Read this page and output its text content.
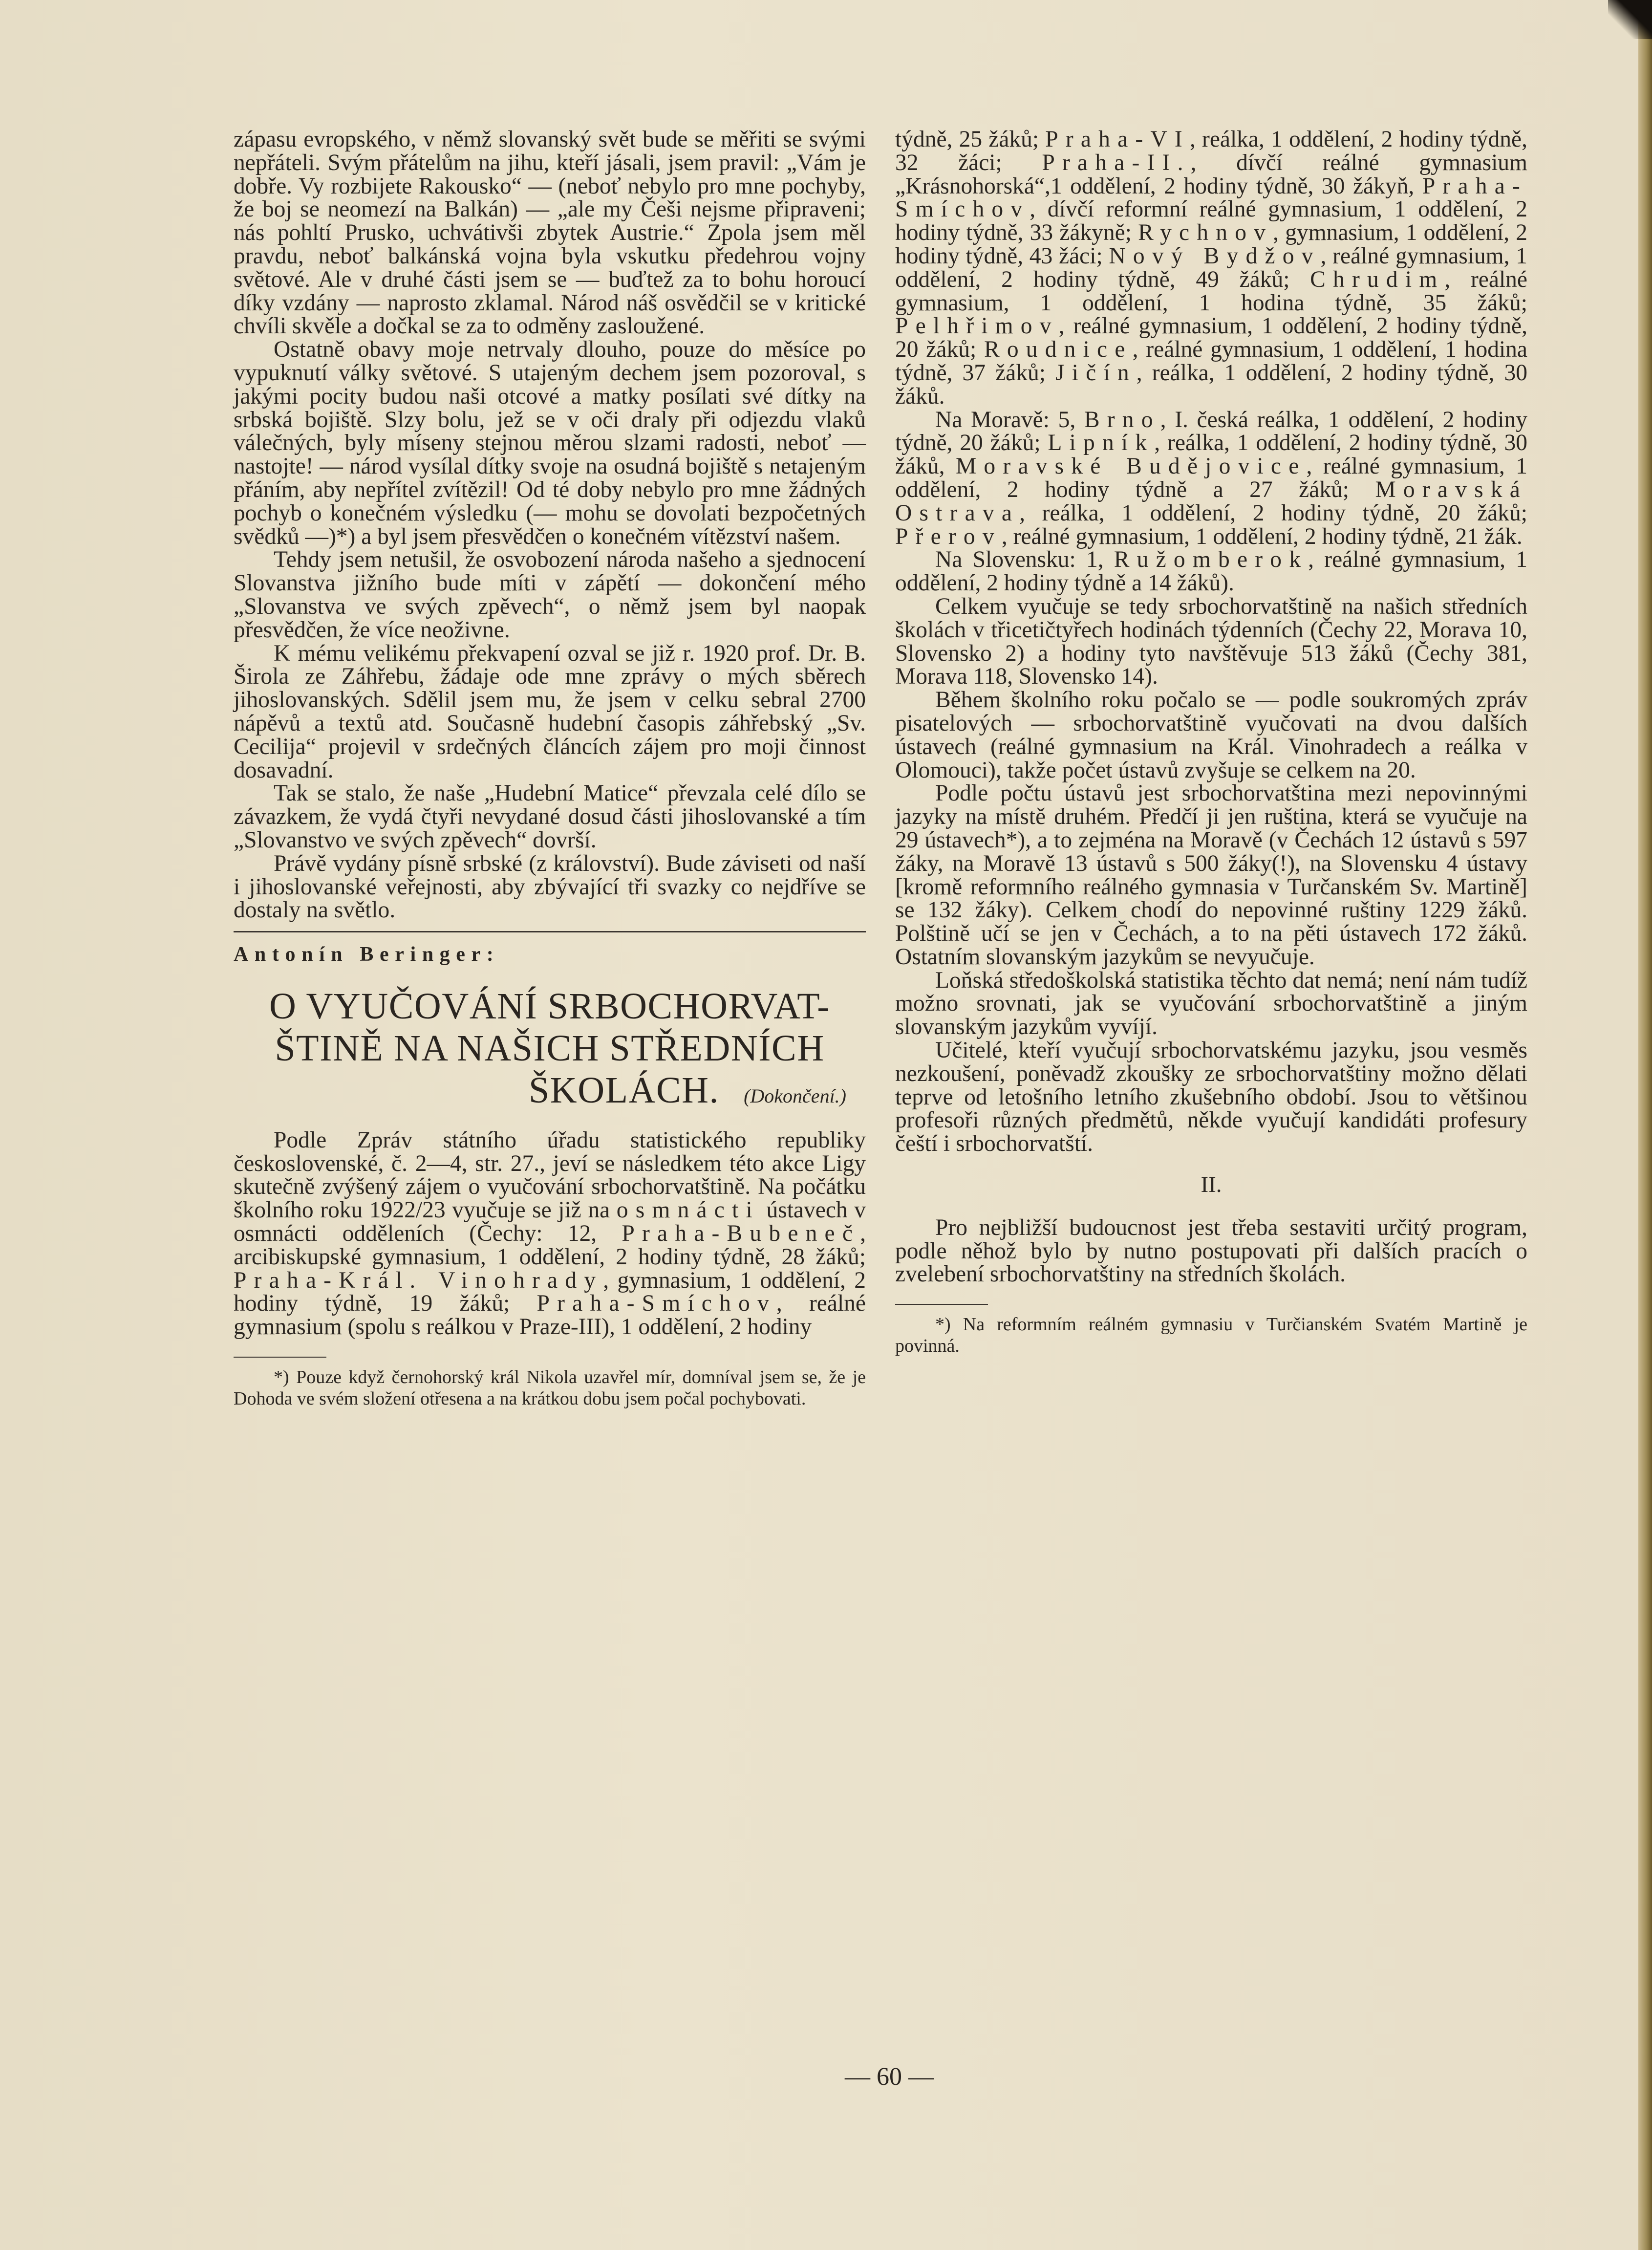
zápasu evropského, v němž slovanský svět bude se měřiti se svými nepřáteli. Svým přátelům na jihu, kteří jásali, jsem pravil: „Vám je dobře. Vy rozbijete Rakousko“ — (neboť nebylo pro mne pochyby, že boj se neomezí na Balkán) — „ale my Češi nejsme připraveni; nás pohltí Prusko, uchvátivši zbytek Austrie.“ Zpola jsem měl pravdu, neboť balkánská vojna byla vskutku předehrou vojny světové. Ale v druhé části jsem se — buďtež za to bohu horoucí díky vzdány — naprosto zklamal. Národ náš osvědčil se v kritické chvíli skvěle a dočkal se za to odměny zasloužené.

Ostatně obavy moje netrvaly dlouho, pouze do měsíce po vypuknutí války světové. S utajeným dechem jsem pozoroval, s jakými pocity budou naši otcové a matky posílati své dítky na srbská bojiště. Slzy bolu, jež se v oči draly při odjezdu vlaků válečných, byly míseny stejnou měrou slzami radosti, neboť — nastojte! — národ vysílal dítky svoje na osudná bojiště s netajeným přáním, aby nepřítel zvítězil! Od té doby nebylo pro mne žádných pochyb o konečném výsledku (— mohu se dovolati bezpočetných svědků —)*) a byl jsem přesvědčen o konečném vítězství našem.

Tehdy jsem netušil, že osvobození národa našeho a sjednocení Slovanstva jižního bude míti v zápětí — dokončení mého „Slovanstva ve svých zpěvech“, o němž jsem byl naopak přesvědčen, že více neoživne.

K mému velikému překvapení ozval se již r. 1920 prof. Dr. B. Širola ze Záhřebu, žádaje ode mne zprávy o mých sběrech jihoslovanských. Sdělil jsem mu, že jsem v celku sebral 2700 nápěvů a textů atd. Současně hudební časopis záhřebský „Sv. Cecilija“ projevil v srdečných článcích zájem pro moji činnost dosavadní.

Tak se stalo, že naše „Hudební Matice“ převzala celé dílo se závazkem, že vydá čtyři nevydané dosud části jihoslovanské a tím „Slovanstvo ve svých zpěvech“ dovrší.

Právě vydány písně srbské (z království). Bude záviseti od naší i jihoslovanské veřejnosti, aby zbývající tři svazky co nejdříve se dostaly na světlo.

Antonín Beringer:
O VYUČOVÁNÍ SRBOCHORVAT-
ŠTINĚ NA NAŠICH STŘEDNÍCH
ŠKOLÁCH. (Dokončení.)

Podle Zpráv státního úřadu statistického republiky československé, č. 2—4, str. 27., jeví se následkem této akce Ligy skutečně zvýšený zájem o vyučování srbochorvatštině. Na počátku školního roku 1922/23 vyučuje se již na osmnácti ústavech v osmnácti odděleních (Čechy: 12, Praha-Bubeneč, arcibiskupské gymnasium, 1 oddělení, 2 hodiny týdně, 28 žáků; Praha-Král. Vinohrady, gymnasium, 1 oddělení, 2 hodiny týdně, 19 žáků; Praha-Smíchov, reálné gymnasium (spolu s reálkou v Praze-III), 1 oddělení, 2 hodiny

*) Pouze když černohorský král Nikola uzavřel mír, domníval jsem se, že je Dohoda ve svém složení otřesena a na krátkou dobu jsem počal pochybovati.

týdně, 25 žáků; Praha-VI, reálka, 1 oddělení, 2 hodiny týdně, 32 žáci; Praha-II., dívčí reálné gymnasium „Krásnohorská“,1 oddělení, 2 hodiny týdně, 30 žákyň, Praha-Smíchov, dívčí reformní reálné gymnasium, 1 oddělení, 2 hodiny týdně, 33 žákyně; Rychnov, gymnasium, 1 oddělení, 2 hodiny týdně, 43 žáci; Nový Bydžov, reálné gymnasium, 1 oddělení, 2 hodiny týdně, 49 žáků; Chrudim, reálné gymnasium, 1 oddělení, 1 hodina týdně, 35 žáků; Pelhřimov, reálné gymnasium, 1 oddělení, 2 hodiny týdně, 20 žáků; Roudnice, reálné gymnasium, 1 oddělení, 1 hodina týdně, 37 žáků; Jičín, reálka, 1 oddělení, 2 hodiny týdně, 30 žáků.

Na Moravě: 5, Brno, I. česká reálka, 1 oddělení, 2 hodiny týdně, 20 žáků; Lipník, reálka, 1 oddělení, 2 hodiny týdně, 30 žáků, Moravské Budějovice, reálné gymnasium, 1 oddělení, 2 hodiny týdně a 27 žáků; Moravská Ostrava, reálka, 1 oddělení, 2 hodiny týdně, 20 žáků; Přerov, reálné gymnasium, 1 oddělení, 2 hodiny týdně, 21 žák.

Na Slovensku: 1, Ružomberok, reálné gymnasium, 1 oddělení, 2 hodiny týdně a 14 žáků).

Celkem vyučuje se tedy srbochorvatštině na našich středních školách v třicetičtyřech hodinách týdenních (Čechy 22, Morava 10, Slovensko 2) a hodiny tyto navštěvuje 513 žáků (Čechy 381, Morava 118, Slovensko 14).

Během školního roku počalo se — podle soukromých zpráv pisatelových — srbochorvatštině vyučovati na dvou dalších ústavech (reálné gymnasium na Král. Vinohradech a reálka v Olomouci), takže počet ústavů zvyšuje se celkem na 20.

Podle počtu ústavů jest srbochorvatština mezi nepovinnými jazyky na místě druhém. Předčí ji jen ruština, která se vyučuje na 29 ústavech*), a to zejména na Moravě (v Čechách 12 ústavů s 597 žáky, na Moravě 13 ústavů s 500 žáky(!), na Slovensku 4 ústavy [kromě reformního reálného gymnasia v Turčanském Sv. Martině] se 132 žáky). Celkem chodí do nepovinné ruštiny 1229 žáků. Polštině učí se jen v Čechách, a to na pěti ústavech 172 žáků. Ostatním slovanským jazykům se nevyučuje.

Loňská středoškolská statistika těchto dat nemá; není nám tudíž možno srovnati, jak se vyučování srbochorvatštině a jiným slovanským jazykům vyvíjí.

Učitelé, kteří vyučují srbochorvatskému jazyku, jsou vesměs nezkoušení, poněvadž zkoušky ze srbochorvatštiny možno dělati teprve od letošního letního zkušebního období. Jsou to většinou profesoři různých předmětů, někde vyučují kandidáti profesury čeští i srbochorvatští.

II.

Pro nejbližší budoucnost jest třeba sestaviti určitý program, podle něhož bylo by nutno postupovati při dalších pracích o zvelebení srbochorvatštiny na středních školách.

*) Na reformním reálném gymnasiu v Turčianském Svatém Martině je povinná.

— 60 —
